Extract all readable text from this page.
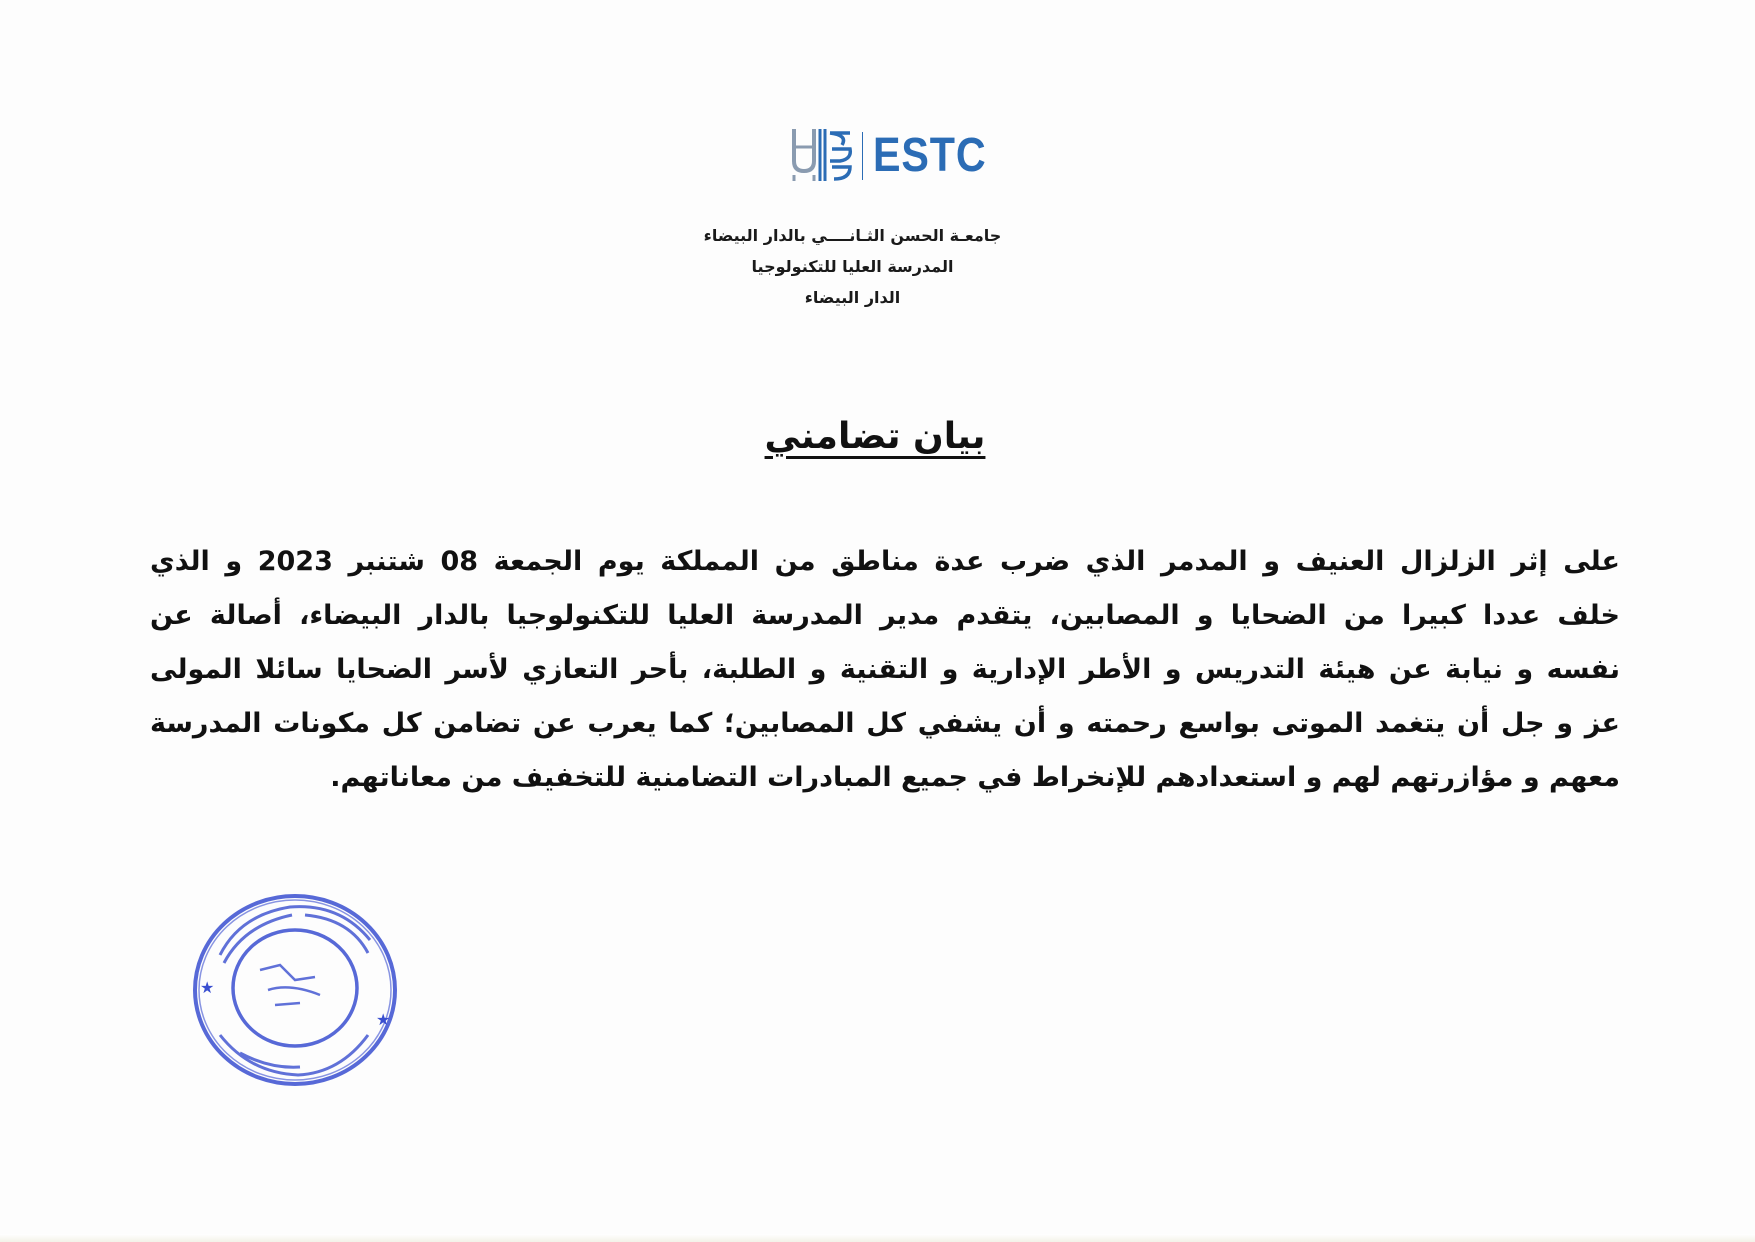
ESTC
جامعـة الحسن الثـانــــي بالدار البيضاء
المدرسة العليا للتكنولوجيا
الدار البيضاء
بيان تضامني
على إثر الزلزال العنيف و المدمر الذي ضرب عدة مناطق من المملكة يوم الجمعة 08 شتنبر 2023 و الذي
خلف عددا كبيرا من الضحايا و المصابين، يتقدم مدير المدرسة العليا للتكنولوجيا بالدار البيضاء، أصالة عن
نفسه و نيابة عن هيئة التدريس و الأطر الإدارية و التقنية و الطلبة، بأحر التعازي لأسر الضحايا سائلا المولى
عز و جل أن يتغمد الموتى بواسع رحمته و أن يشفي كل المصابين؛ كما يعرب عن تضامن كل مكونات المدرسة
معهم و مؤازرتهم لهم و استعدادهم للإنخراط في جميع المبادرات التضامنية للتخفيف من معاناتهم.
★
★
